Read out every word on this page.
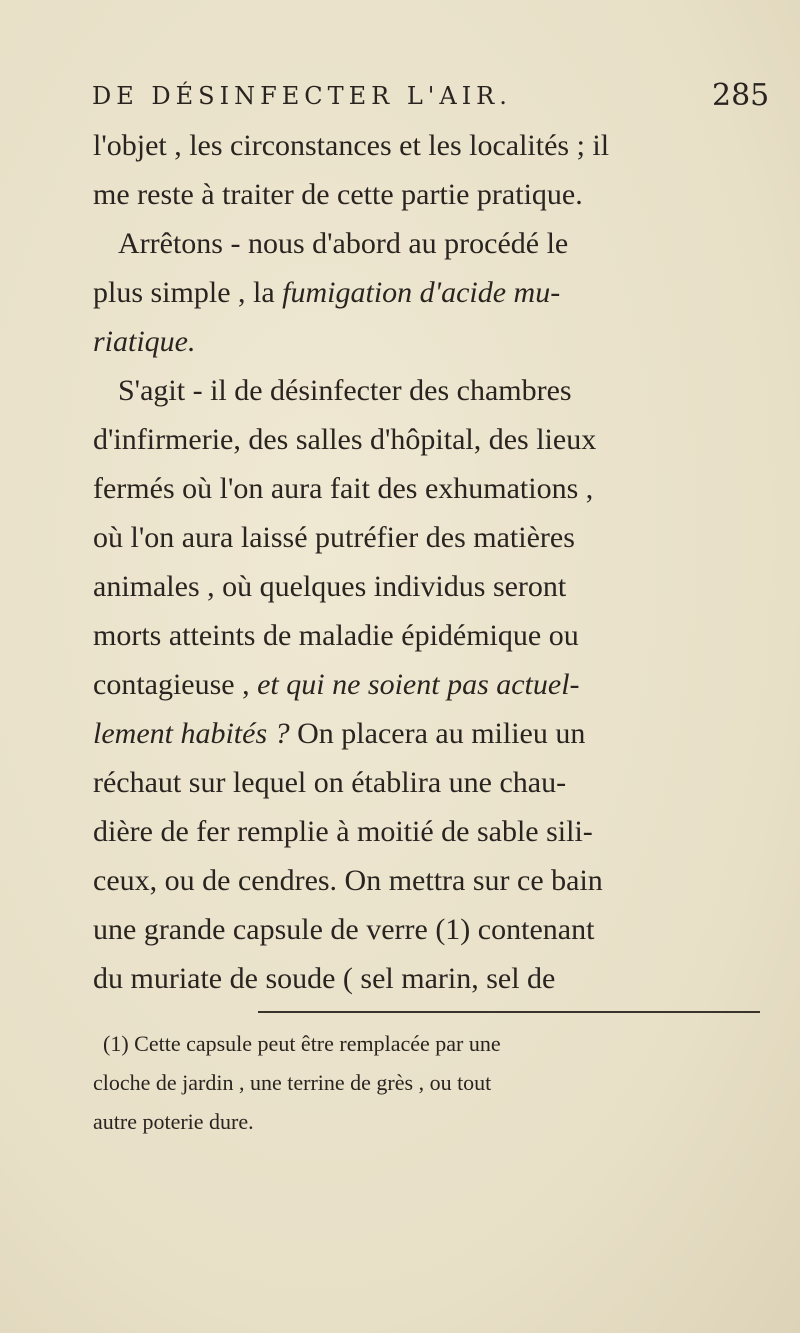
DE DÉSINFECTER L'AIR.	285
l'objet , les circonstances et les localités ; il
me reste à traiter de cette partie pratique.
Arrêtons - nous d'abord au procédé le
plus simple , la fumigation d'acide mu-
riatique.
S'agit - il de désinfecter des chambres
d'infirmerie, des salles d'hôpital, des lieux
fermés où l'on aura fait des exhumations ,
où l'on aura laissé putréfier des matières
animales , où quelques individus seront
morts atteints de maladie épidémique ou
contagieuse , et qui ne soient pas actuel-
lement habités ? On placera au milieu un
réchaut sur lequel on établira une chau-
dière de fer remplie à moitié de sable sili-
ceux, ou de cendres. On mettra sur ce bain
une grande capsule de verre (1) contenant
du muriate de soude ( sel marin, sel de
(1) Cette capsule peut être remplacée par une
cloche de jardin , une terrine de grès , ou tout
autre poterie dure.
